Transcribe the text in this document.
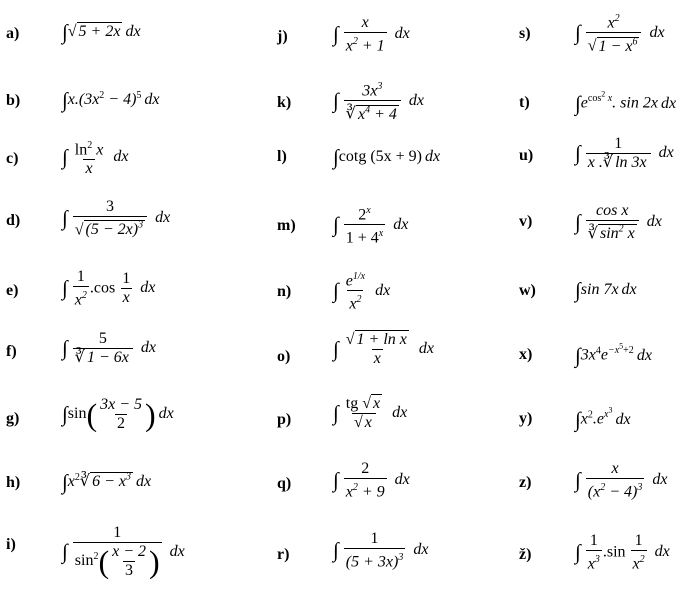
a)
b)
c)
d)
e)
f)
g)
h)
i)
j)
k)
l)
m)
n)
o)
p)
q)
r)
s)
t)
u)
v)
w)
x)
y)
z)
ž)
∫√ 5 + 2x dx
$\int x.(3x^2 - 4)^5$ dx
∫ $\frac{\ln^2 x}{x}$ dx
∫ $\frac{3}{√ (5 - 2x)^3}$ dx
∫ $\frac{1}{x^2} .\cos \frac{1}{x}$ dx
∫ $\frac{5}{∛ 1 - 6x}$ dx
$\int\sin( \frac{3x - 5}{2}$ ) dx
$\int x^2∛$ $6 - x^3$ dx
∫ $\frac{1}{\sin^2( \frac{x - 2}{3} )}$ dx
∫ $\frac{x}{x^2 + 1}$ dx
∫ $\frac{3x^3}{∛ x^4 + 4}$ dx
∫cotg (5x + 9) dx
∫ $\frac{2^x}{1 + 4^x}$ dx
∫ $\frac{e^{1/x}}{x^2}$ dx
∫ $\frac{\text{√ 1 + ln x}}{x}$ dx
∫ $\frac{tg √ x}{√ x}$ dx
∫ $\frac{2}{x^2 + 9}$ dx
∫ $\frac{1}{(5 + 3x)^3}$ dx
∫ $\frac{x^2}{√ 1 - x^6}$ dx
$\int e^{cos^2 x}$. sin 2x dx
∫ $\frac{1}{x .∛ \ln 3x}$ dx
∫ $\frac{\text{cos x}}{∛ \sin^2 x}$ dx
∫sin 7x dx
$\int 3x^4e^{-x^5+2}$ dx
$\int x^2.e^{x^3}dx$
∫ $\frac{x}{(x^2 - 4)^3}$ dx
∫ $\frac{1}{x^3} .\sin \frac{1}{x^2}$ dx
